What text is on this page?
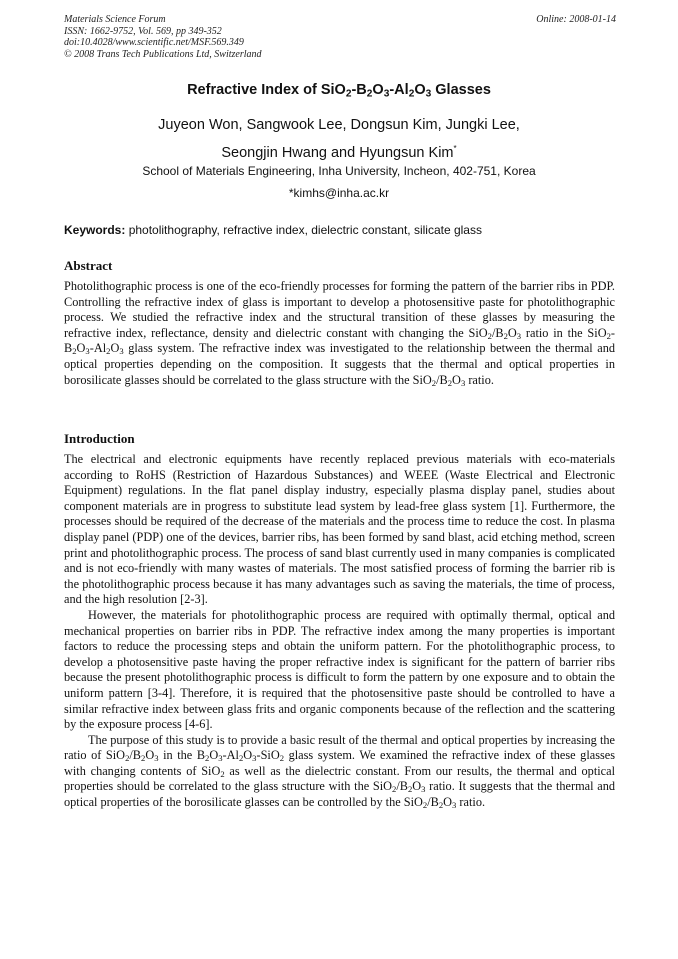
Materials Science Forum
ISSN: 1662-9752, Vol. 569, pp 349-352
doi:10.4028/www.scientific.net/MSF.569.349
© 2008 Trans Tech Publications Ltd, Switzerland
Online: 2008-01-14
Refractive Index of $SiO_2-B_2O_3-Al_2O_3$ Glasses
Juyeon Won, Sangwook Lee, Dongsun Kim, Jungki Lee,
Seongjin Hwang and Hyungsun Kim*
School of Materials Engineering, Inha University, Incheon, 402-751, Korea
*kimhs@inha.ac.kr
Keywords: photolithography, refractive index, dielectric constant, silicate glass
Abstract

Photolithographic process is one of the eco-friendly processes for forming the pattern of the barrier ribs in PDP. Controlling the refractive index of glass is important to develop a photosensitive paste for photolithographic process. We studied the refractive index and the structural transition of these glasses by measuring the refractive index, reflectance, density and dielectric constant with changing the $SiO_2/B_2O_3$ ratio in the $SiO_2-B_2O_3-Al_2O_3$ glass system. The refractive index was investigated to the relationship between the thermal and optical properties depending on the composition. It suggests that the thermal and optical properties in borosilicate glasses should be correlated to the glass structure with the $SiO_2/B_2O_3$ ratio.

Introduction

The electrical and electronic equipments have recently replaced previous materials with eco-materials according to RoHS (Restriction of Hazardous Substances) and WEEE (Waste Electrical and Electronic Equipment) regulations. In the flat panel display industry, especially plasma display panel, studies about component materials are in progress to substitute lead system by lead-free glass system [1]. Furthermore, the processes should be required of the decrease of the materials and the process time to reduce the cost. In plasma display panel (PDP) one of the devices, barrier ribs, has been formed by sand blast, acid etching method, screen print and photolithographic process. The process of sand blast currently used in many companies is complicated and is not eco-friendly with many wastes of materials. The most satisfied process of forming the barrier rib is the photolithographic process because it has many advantages such as saving the materials, the time of process, and the high resolution [2-3].

However, the materials for photolithographic process are required with optimally thermal, optical and mechanical properties on barrier ribs in PDP. The refractive index among the many properties is important factors to reduce the processing steps and obtain the uniform pattern. For the photolithographic process, to develop a photosensitive paste having the proper refractive index is significant for the pattern of barrier ribs because the present photolithographic process is difficult to form the pattern by one exposure and to obtain the uniform pattern [3-4]. Therefore, it is required that the photosensitive paste should be controlled to have a similar refractive index between glass frits and organic components because of the reflection and the scattering by the exposure process [4-6].

The purpose of this study is to provide a basic result of the thermal and optical properties by increasing the ratio of $SiO_2/B_2O_3$ in the $B_2O_3-Al_2O_3-SiO_2$ glass system. We examined the refractive index of these glasses with changing contents of SiO$_2$ as well as the dielectric constant. From our results, the thermal and optical properties should be correlated to the glass structure with the $SiO_2/B_2O_3$ ratio. It suggests that the thermal and optical properties of the borosilicate glasses can be controlled by the $SiO_2/B_2O_3$ ratio.
